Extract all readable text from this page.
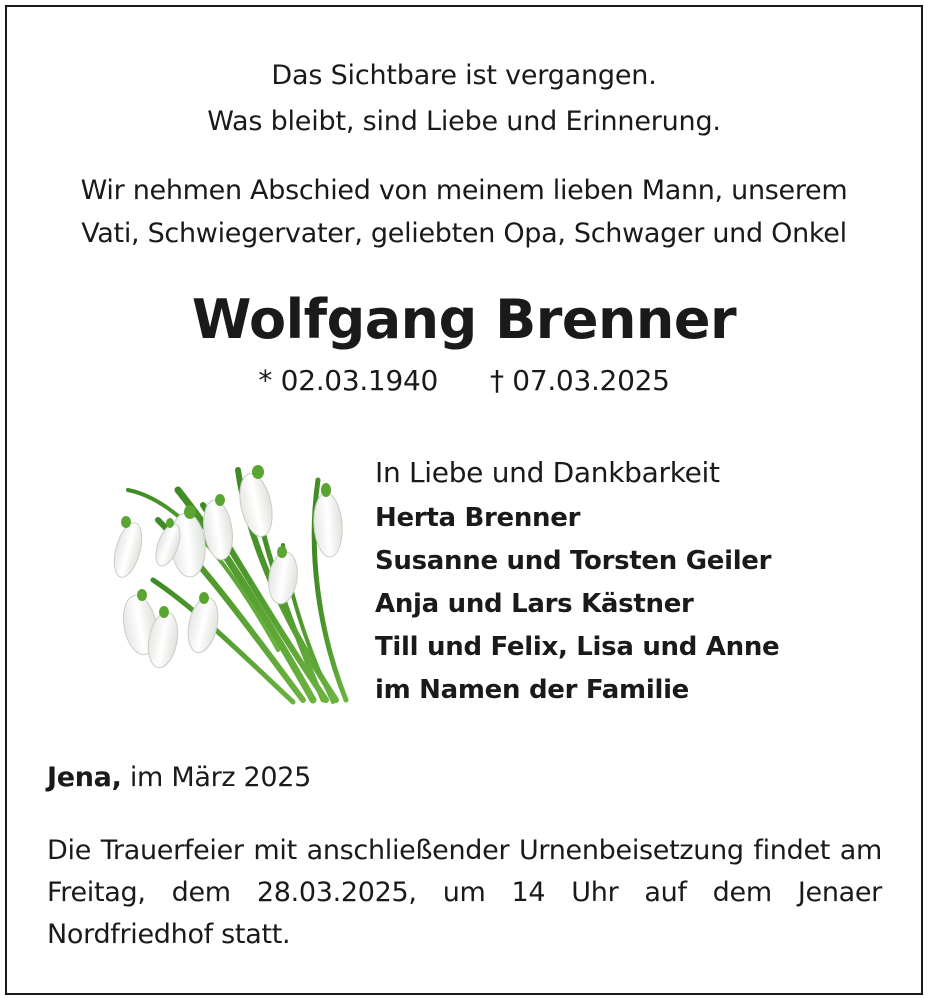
Das Sichtbare ist vergangen.
Was bleibt, sind Liebe und Erinnerung.
Wir nehmen Abschied von meinem lieben Mann, unserem
Vati, Schwiegervater, geliebten Opa, Schwager und Onkel
Wolfgang Brenner
* 02.03.1940 † 07.03.2025
In Liebe und Dankbarkeit
Herta Brenner
Susanne und Torsten Geiler
Anja und Lars Kästner
Till und Felix, Lisa und Anne
im Namen der Familie
Jena, im März 2025
Die Trauerfeier mit anschließender Urnenbeisetzung findet am Freitag, dem 28.03.2025, um 14 Uhr auf dem Jenaer Nordfriedhof statt.
